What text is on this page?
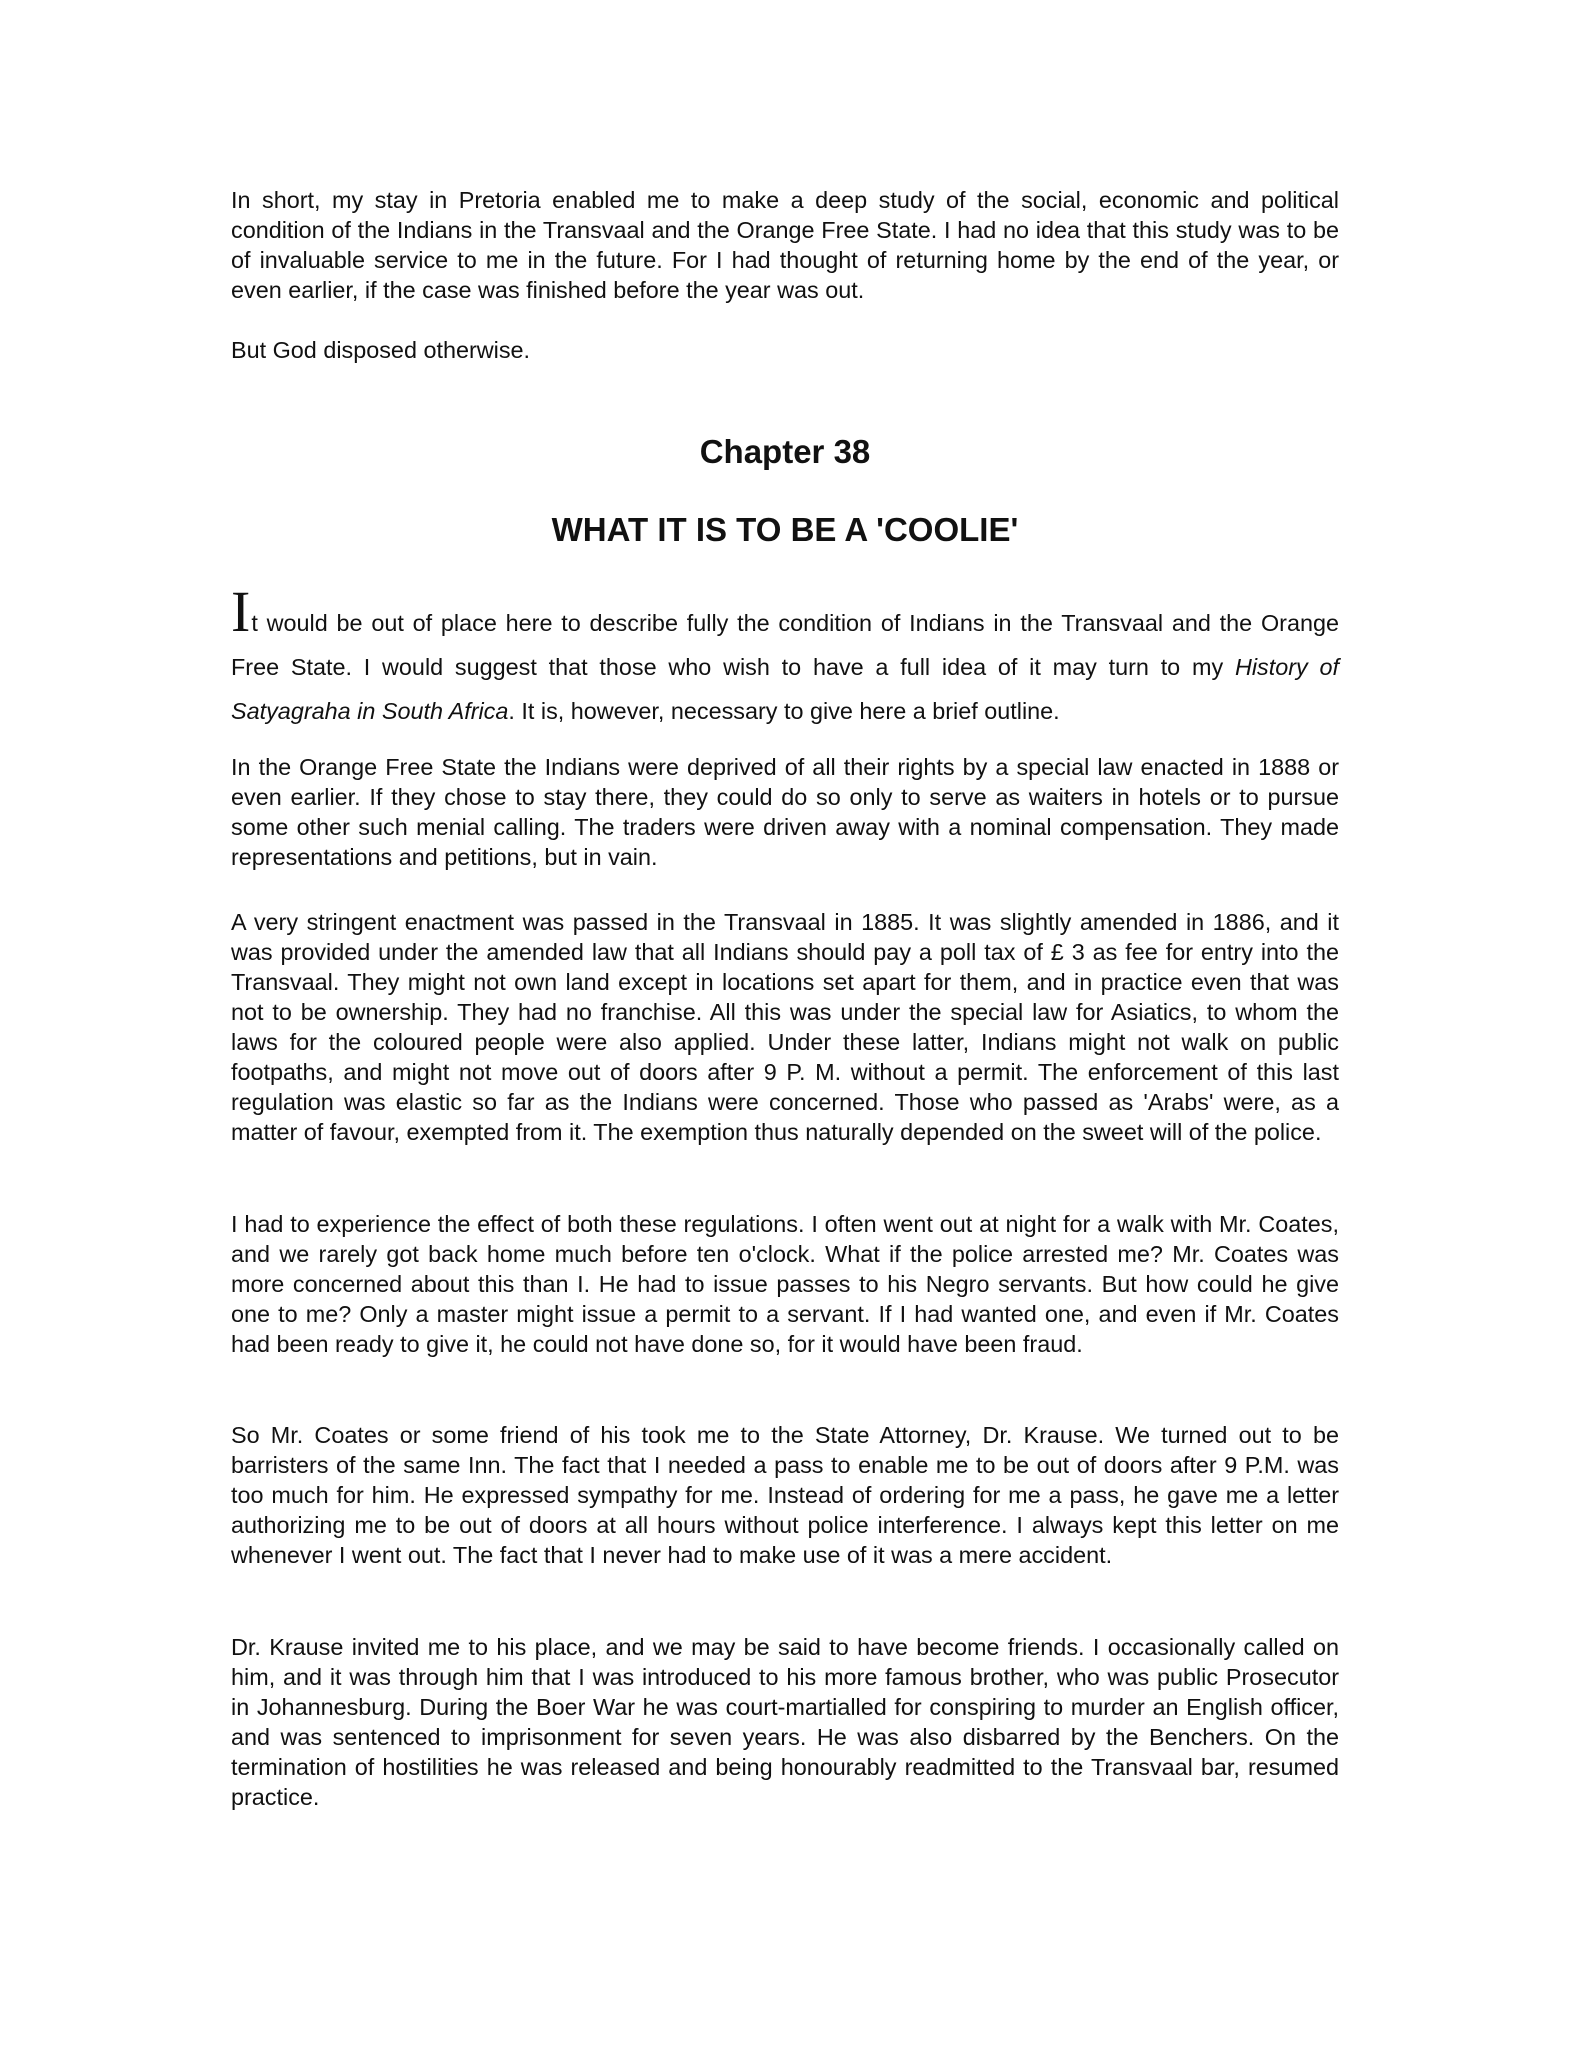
In short, my stay in Pretoria enabled me to make a deep study of the social, economic and political condition of the Indians in the Transvaal and the Orange Free State. I had no idea that this study was to be of invaluable service to me in the future. For I had thought of returning home by the end of the year, or even earlier, if the case was finished before the year was out.

But God disposed otherwise.

Chapter 38
WHAT IT IS TO BE A 'COOLIE'

It would be out of place here to describe fully the condition of Indians in the Transvaal and the Orange Free State. I would suggest that those who wish to have a full idea of it may turn to my History of Satyagraha in South Africa. It is, however, necessary to give here a brief outline.

In the Orange Free State the Indians were deprived of all their rights by a special law enacted in 1888 or even earlier. If they chose to stay there, they could do so only to serve as waiters in hotels or to pursue some other such menial calling. The traders were driven away with a nominal compensation. They made representations and petitions, but in vain.

A very stringent enactment was passed in the Transvaal in 1885. It was slightly amended in 1886, and it was provided under the amended law that all Indians should pay a poll tax of £ 3 as fee for entry into the Transvaal. They might not own land except in locations set apart for them, and in practice even that was not to be ownership. They had no franchise. All this was under the special law for Asiatics, to whom the laws for the coloured people were also applied. Under these latter, Indians might not walk on public footpaths, and might not move out of doors after 9 P. M. without a permit. The enforcement of this last regulation was elastic so far as the Indians were concerned. Those who passed as 'Arabs' were, as a matter of favour, exempted from it. The exemption thus naturally depended on the sweet will of the police.

I had to experience the effect of both these regulations. I often went out at night for a walk with Mr. Coates, and we rarely got back home much before ten o'clock. What if the police arrested me? Mr. Coates was more concerned about this than I. He had to issue passes to his Negro servants. But how could he give one to me? Only a master might issue a permit to a servant. If I had wanted one, and even if Mr. Coates had been ready to give it, he could not have done so, for it would have been fraud.

So Mr. Coates or some friend of his took me to the State Attorney, Dr. Krause. We turned out to be barristers of the same Inn. The fact that I needed a pass to enable me to be out of doors after 9 P.M. was too much for him. He expressed sympathy for me. Instead of ordering for me a pass, he gave me a letter authorizing me to be out of doors at all hours without police interference. I always kept this letter on me whenever I went out. The fact that I never had to make use of it was a mere accident.

Dr. Krause invited me to his place, and we may be said to have become friends. I occasionally called on him, and it was through him that I was introduced to his more famous brother, who was public Prosecutor in Johannesburg. During the Boer War he was court-martialled for conspiring to murder an English officer, and was sentenced to imprisonment for seven years. He was also disbarred by the Benchers. On the termination of hostilities he was released and being honourably readmitted to the Transvaal bar, resumed practice.
